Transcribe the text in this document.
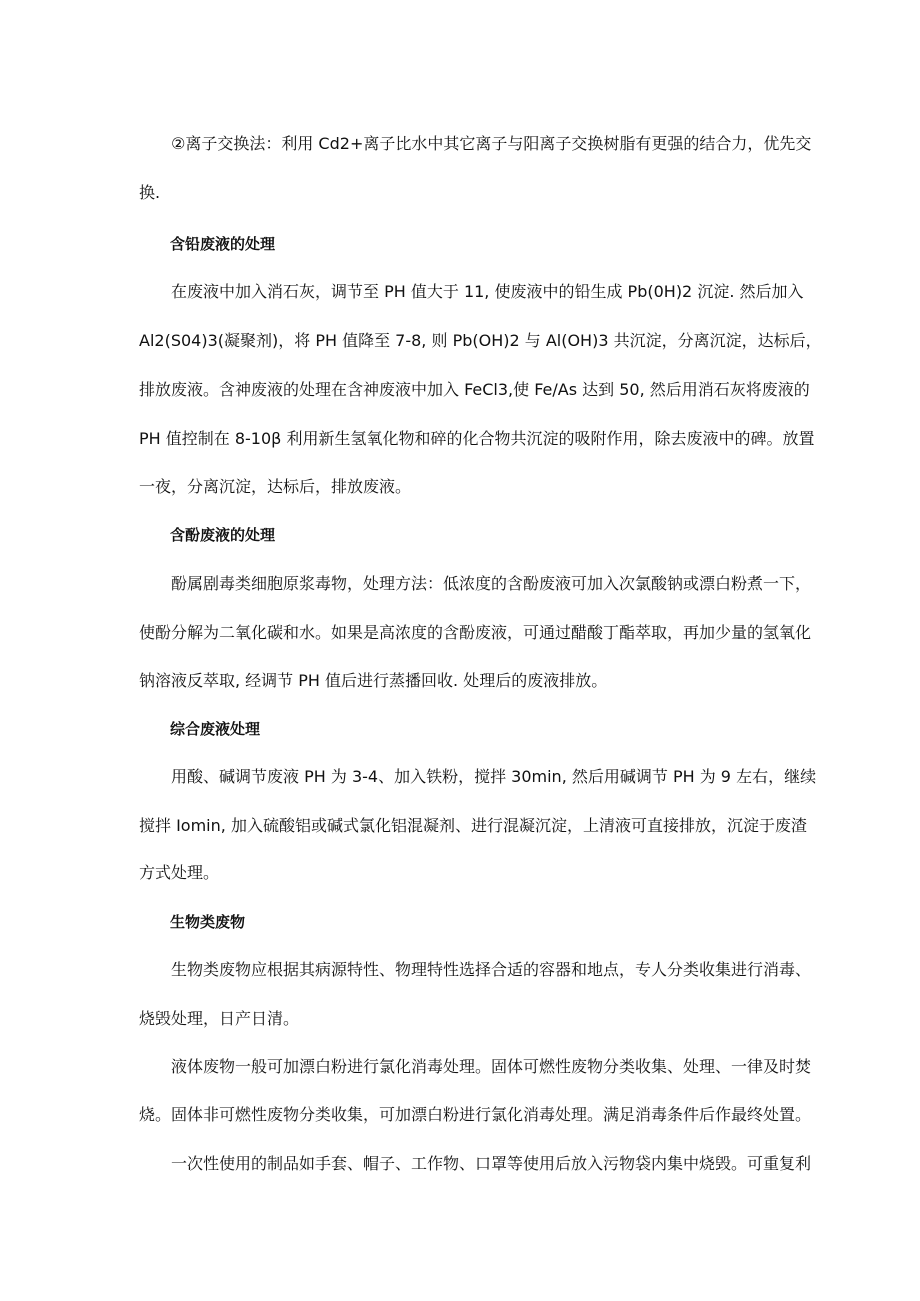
　　②离子交换法：利用 Cd2+离子比水中其它离子与阳离子交换树脂有更强的结合力，优先交
换.
含铅废液的处理
　　在废液中加入消石灰，调节至 PH 值大于 11, 使废液中的铅生成 Pb(0H)2 沉淀. 然后加入
Al2(S04)3(凝聚剂)，将 PH 值降至 7-8, 则 Pb(OH)2 与 Al(OH)3 共沉淀，分离沉淀，达标后，
排放废液。含神废液的处理在含神废液中加入 FeCl3,使 Fe/As 达到 50, 然后用消石灰将废液的
PH 值控制在 8-10β 利用新生氢氧化物和碎的化合物共沉淀的吸附作用，除去废液中的碑。放置
一夜，分离沉淀，达标后，排放废液。
含酚废液的处理
　　酚属剧毒类细胞原浆毒物，处理方法：低浓度的含酚废液可加入次氯酸钠或漂白粉煮一下，
使酚分解为二氧化碳和水。如果是高浓度的含酚废液，可通过醋酸丁酯萃取，再加少量的氢氧化
钠溶液反萃取, 经调节 PH 值后进行蒸播回收. 处理后的废液排放。
综合废液处理
　　用酸、碱调节废液 PH 为 3-4、加入铁粉，搅拌 30min, 然后用碱调节 PH 为 9 左右，继续
搅拌 Iomin, 加入硫酸铝或碱式氯化铝混凝剂、进行混凝沉淀，上清液可直接排放，沉淀于废渣
方式处理。
生物类废物
　　生物类废物应根据其病源特性、物理特性选择合适的容器和地点，专人分类收集进行消毒、
烧毁处理，日产日清。
　　液体废物一般可加漂白粉进行氯化消毒处理。固体可燃性废物分类收集、处理、一律及时焚
烧。固体非可燃性废物分类收集，可加漂白粉进行氯化消毒处理。满足消毒条件后作最终处置。
　　一次性使用的制品如手套、帽子、工作物、口罩等使用后放入污物袋内集中烧毁。可重复利
